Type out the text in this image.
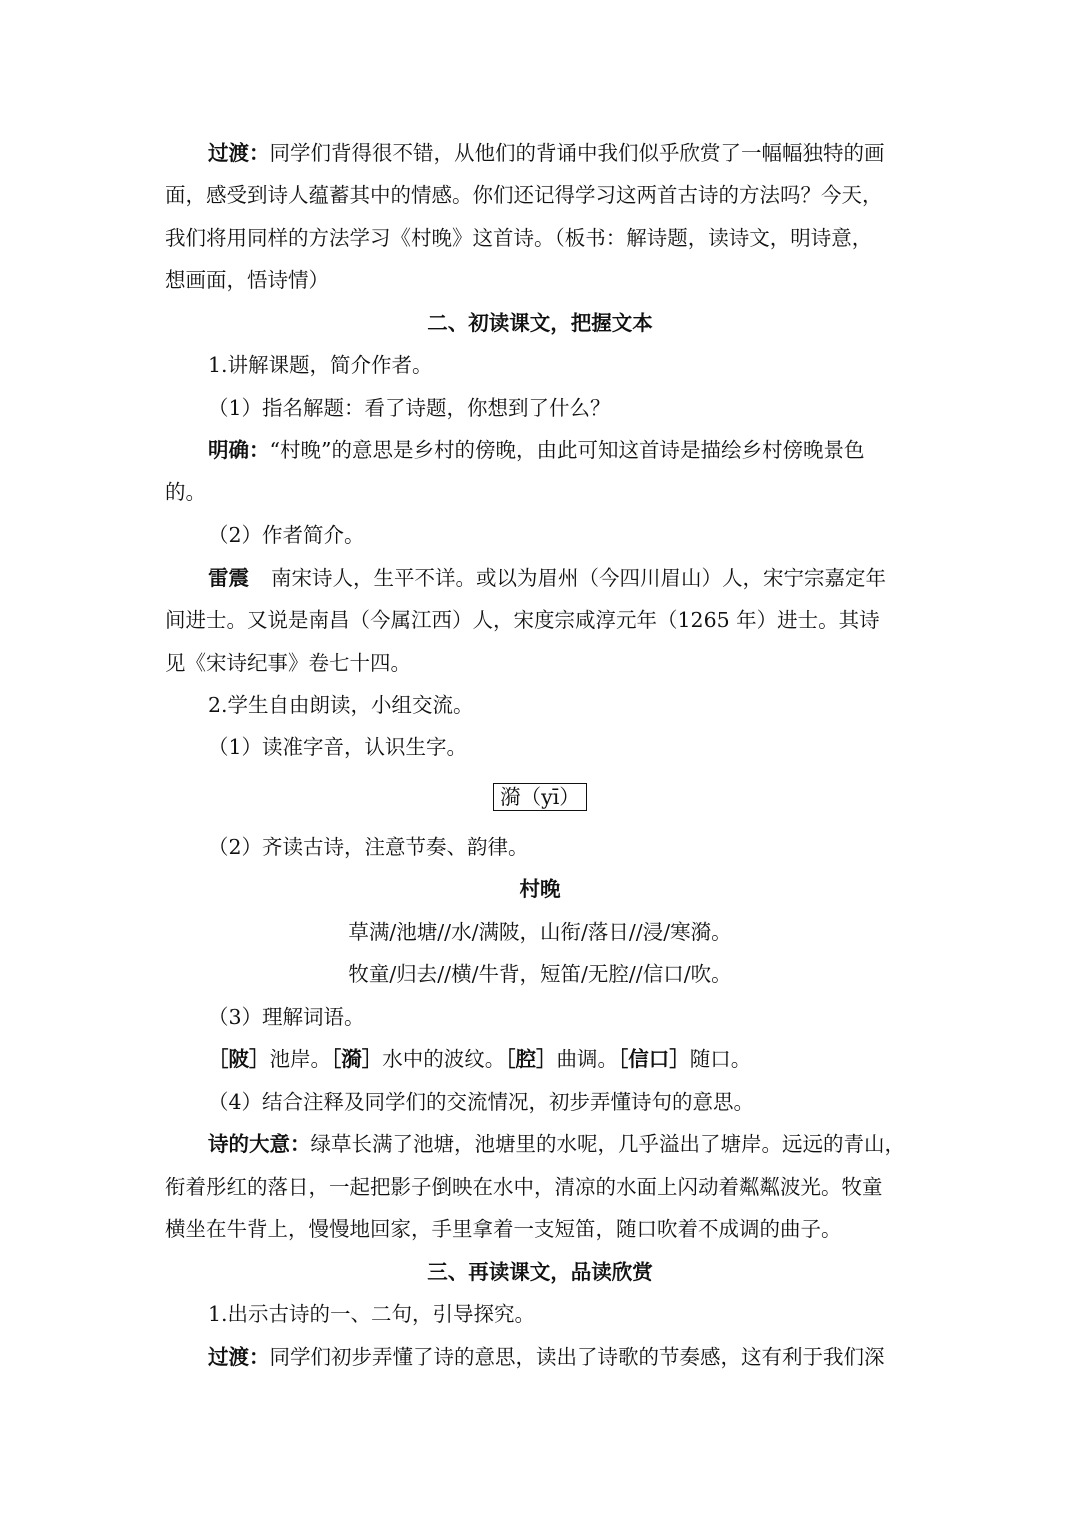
过渡：同学们背得很不错，从他们的背诵中我们似乎欣赏了一幅幅独特的画
面，感受到诗人蕴蓄其中的情感。你们还记得学习这两首古诗的方法吗？今天，
我们将用同样的方法学习《村晚》这首诗。（板书：解诗题，读诗文，明诗意，
想画面，悟诗情）
二、初读课文，把握文本
1.讲解课题，简介作者。
（1）指名解题：看了诗题，你想到了什么？
明确：“村晚”的意思是乡村的傍晚，由此可知这首诗是描绘乡村傍晚景色
的。
（2）作者简介。
雷震 南宋诗人，生平不详。或以为眉州（今四川眉山）人，宋宁宗嘉定年
间进士。又说是南昌（今属江西）人，宋度宗咸淳元年（1265 年）进士。其诗
见《宋诗纪事》卷七十四。
2.学生自由朗读，小组交流。
（1）读准字音，认识生字。
漪（yī）
（2）齐读古诗，注意节奏、韵律。
村晚
草满/池塘//水/满陂，山衔/落日//浸/寒漪。
牧童/归去//横/牛背，短笛/无腔//信口/吹。
（3）理解词语。
［陂］池岸。［漪］水中的波纹。［腔］曲调。［信口］随口。
（4）结合注释及同学们的交流情况，初步弄懂诗句的意思。
诗的大意：绿草长满了池塘，池塘里的水呢，几乎溢出了塘岸。远远的青山，
衔着彤红的落日，一起把影子倒映在水中，清凉的水面上闪动着粼粼波光。牧童
横坐在牛背上，慢慢地回家，手里拿着一支短笛，随口吹着不成调的曲子。
三、再读课文，品读欣赏
1.出示古诗的一、二句，引导探究。
过渡：同学们初步弄懂了诗的意思，读出了诗歌的节奏感，这有利于我们深
